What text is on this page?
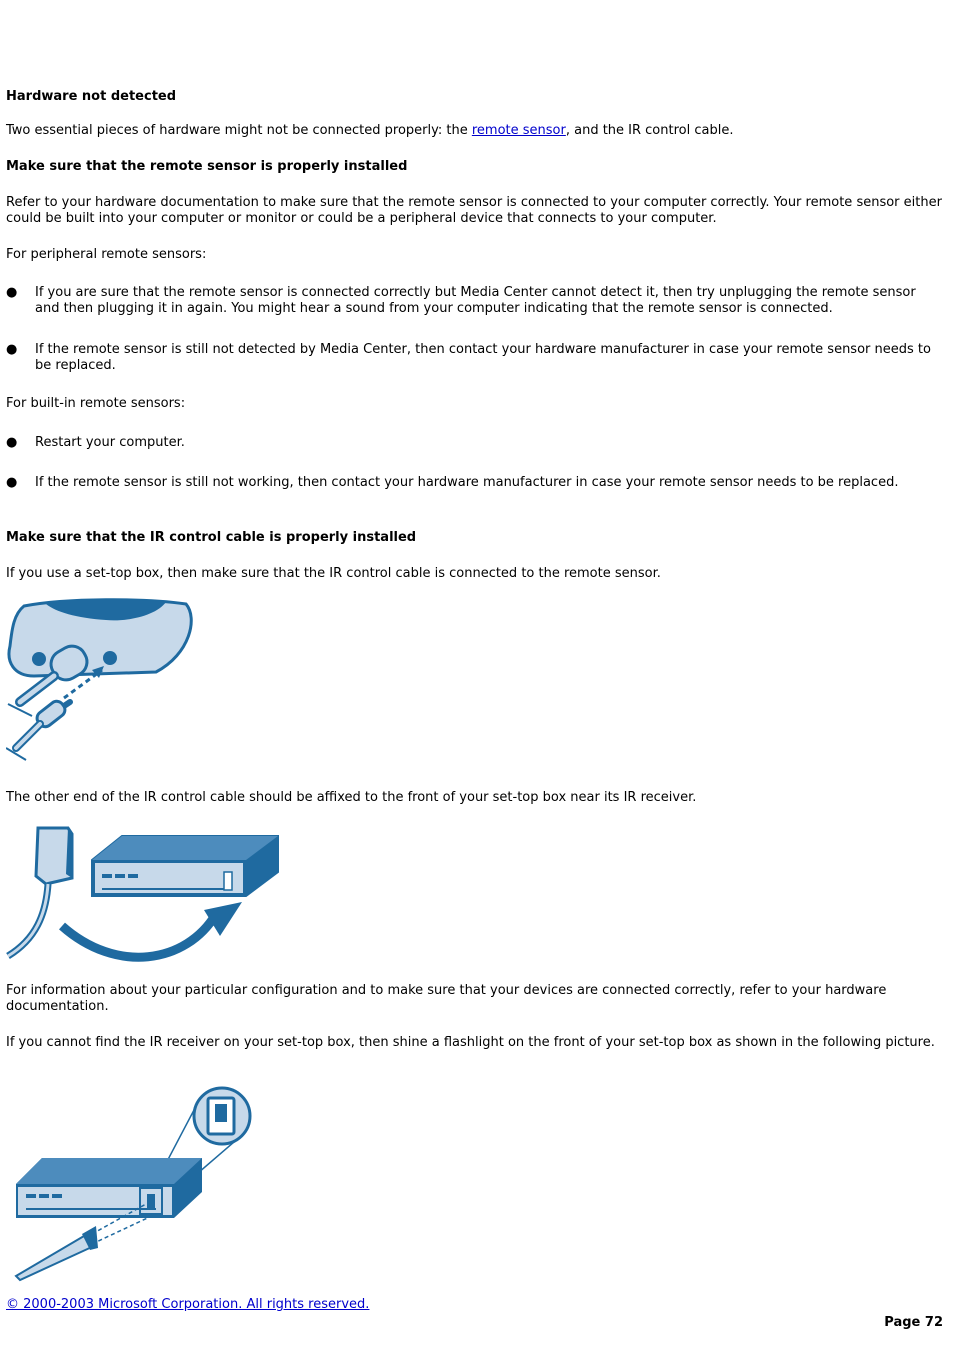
Hardware not detected

Two essential pieces of hardware might not be connected properly: the remote sensor, and the IR control cable.

Make sure that the remote sensor is properly installed

Refer to your hardware documentation to make sure that the remote sensor is connected to your computer correctly. Your remote sensor either could be built into your computer or monitor or could be a peripheral device that connects to your computer.

For peripheral remote sensors:

● If you are sure that the remote sensor is connected correctly but Media Center cannot detect it, then try unplugging the remote sensor and then plugging it in again. You might hear a sound from your computer indicating that the remote sensor is connected.
● If the remote sensor is still not detected by Media Center, then contact your hardware manufacturer in case your remote sensor needs to be replaced.

For built-in remote sensors:

● Restart your computer.
● If the remote sensor is still not working, then contact your hardware manufacturer in case your remote sensor needs to be replaced.
Make sure that the IR control cable is properly installed

If you use a set-top box, then make sure that the IR control cable is connected to the remote sensor.

The other end of the IR control cable should be affixed to the front of your set-top box near its IR receiver.

For information about your particular configuration and to make sure that your devices are connected correctly, refer to your hardware documentation.

If you cannot find the IR receiver on your set-top box, then shine a flashlight on the front of your set-top box as shown in the following picture.

© 2000-2003 Microsoft Corporation. All rights reserved.
Page 72
